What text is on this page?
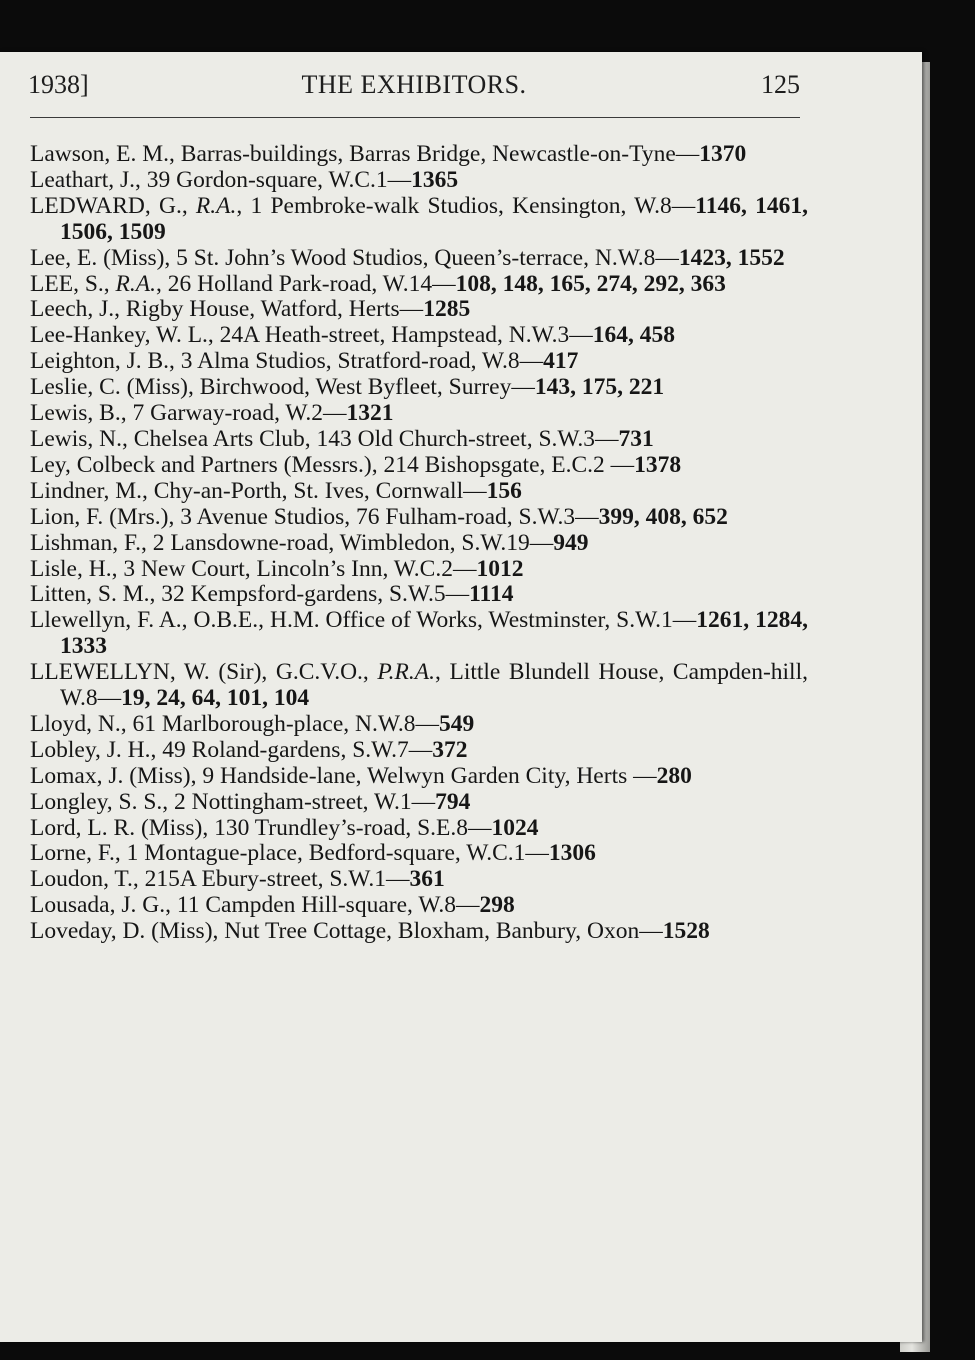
1938]	THE EXHIBITORS.	125
Lawson, E. M., Barras-buildings, Barras Bridge, Newcastle-on-Tyne—1370
Leathart, J., 39 Gordon-square, W.C.1—1365
LEDWARD, G., R.A., 1 Pembroke-walk Studios, Kensington, W.8—1146, 1461, 1506, 1509
Lee, E. (Miss), 5 St. John’s Wood Studios, Queen’s-terrace, N.W.8—1423, 1552
LEE, S., R.A., 26 Holland Park-road, W.14—108, 148, 165, 274, 292, 363
Leech, J., Rigby House, Watford, Herts—1285
Lee-Hankey, W. L., 24A Heath-street, Hampstead, N.W.3—164, 458
Leighton, J. B., 3 Alma Studios, Stratford-road, W.8—417
Leslie, C. (Miss), Birchwood, West Byfleet, Surrey—143, 175, 221
Lewis, B., 7 Garway-road, W.2—1321
Lewis, N., Chelsea Arts Club, 143 Old Church-street, S.W.3—731
Ley, Colbeck and Partners (Messrs.), 214 Bishopsgate, E.C.2 —1378
Lindner, M., Chy-an-Porth, St. Ives, Cornwall—156
Lion, F. (Mrs.), 3 Avenue Studios, 76 Fulham-road, S.W.3—399, 408, 652
Lishman, F., 2 Lansdowne-road, Wimbledon, S.W.19—949
Lisle, H., 3 New Court, Lincoln’s Inn, W.C.2—1012
Litten, S. M., 32 Kempsford-gardens, S.W.5—1114
Llewellyn, F. A., O.B.E., H.M. Office of Works, Westminster, S.W.1—1261, 1284, 1333
LLEWELLYN, W. (Sir), G.C.V.O., P.R.A., Little Blundell House, Campden-hill, W.8—19, 24, 64, 101, 104
Lloyd, N., 61 Marlborough-place, N.W.8—549
Lobley, J. H., 49 Roland-gardens, S.W.7—372
Lomax, J. (Miss), 9 Handside-lane, Welwyn Garden City, Herts —280
Longley, S. S., 2 Nottingham-street, W.1—794
Lord, L. R. (Miss), 130 Trundley’s-road, S.E.8—1024
Lorne, F., 1 Montague-place, Bedford-square, W.C.1—1306
Loudon, T., 215A Ebury-street, S.W.1—361
Lousada, J. G., 11 Campden Hill-square, W.8—298
Loveday, D. (Miss), Nut Tree Cottage, Bloxham, Banbury, Oxon—1528
